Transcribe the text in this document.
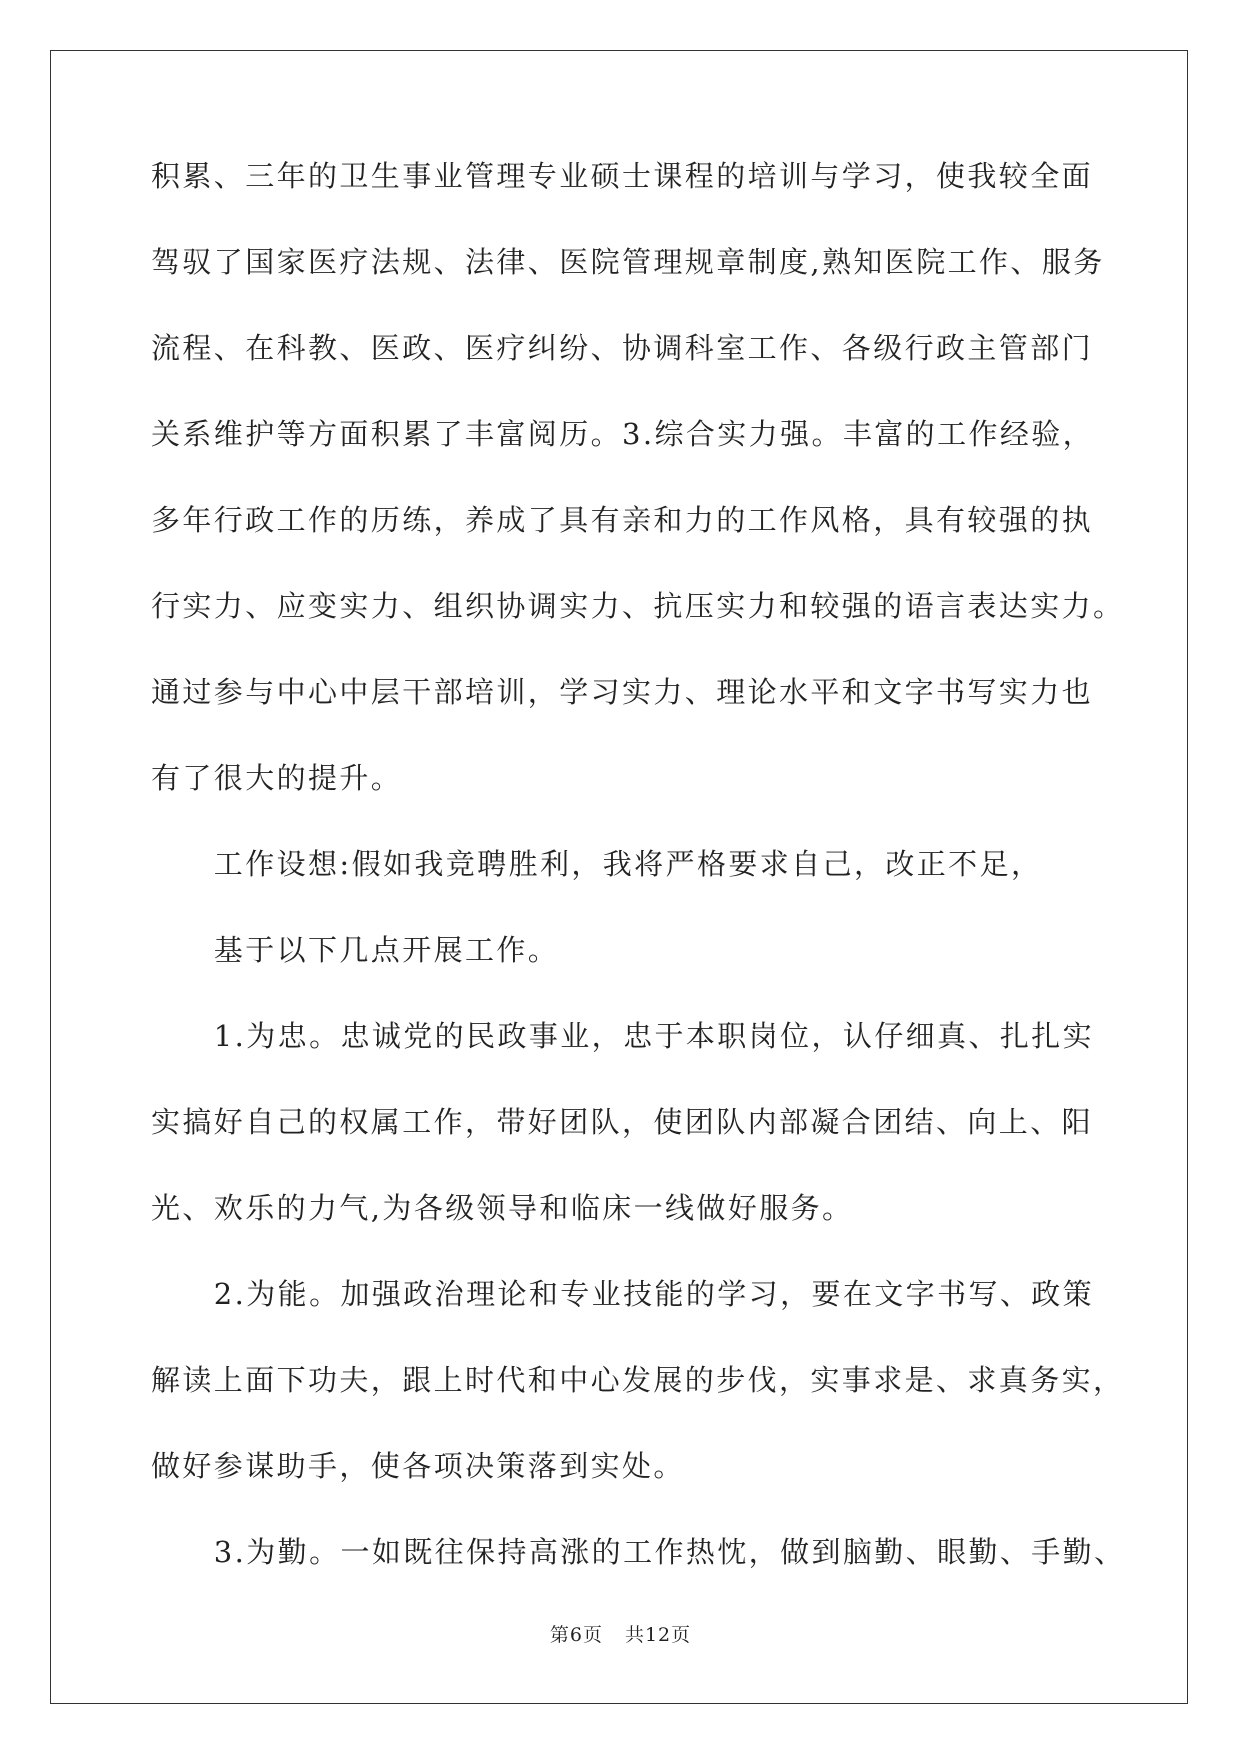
积累、三年的卫生事业管理专业硕士课程的培训与学习，使我较全面
驾驭了国家医疗法规、法律、医院管理规章制度,熟知医院工作、服务
流程、在科教、医政、医疗纠纷、协调科室工作、各级行政主管部门
关系维护等方面积累了丰富阅历。3.综合实力强。丰富的工作经验，
多年行政工作的历练，养成了具有亲和力的工作风格，具有较强的执
行实力、应变实力、组织协调实力、抗压实力和较强的语言表达实力。
通过参与中心中层干部培训，学习实力、理论水平和文字书写实力也
有了很大的提升。
　　工作设想:假如我竞聘胜利，我将严格要求自己，改正不足，
　　基于以下几点开展工作。
　　1.为忠。忠诚党的民政事业，忠于本职岗位，认仔细真、扎扎实
实搞好自己的权属工作，带好团队，使团队内部凝合团结、向上、阳
光、欢乐的力气,为各级领导和临床一线做好服务。
　　2.为能。加强政治理论和专业技能的学习，要在文字书写、政策
解读上面下功夫，跟上时代和中心发展的步伐，实事求是、求真务实，
做好参谋助手，使各项决策落到实处。
　　3.为勤。一如既往保持高涨的工作热忱，做到脑勤、眼勤、手勤、
第6页 共12页
